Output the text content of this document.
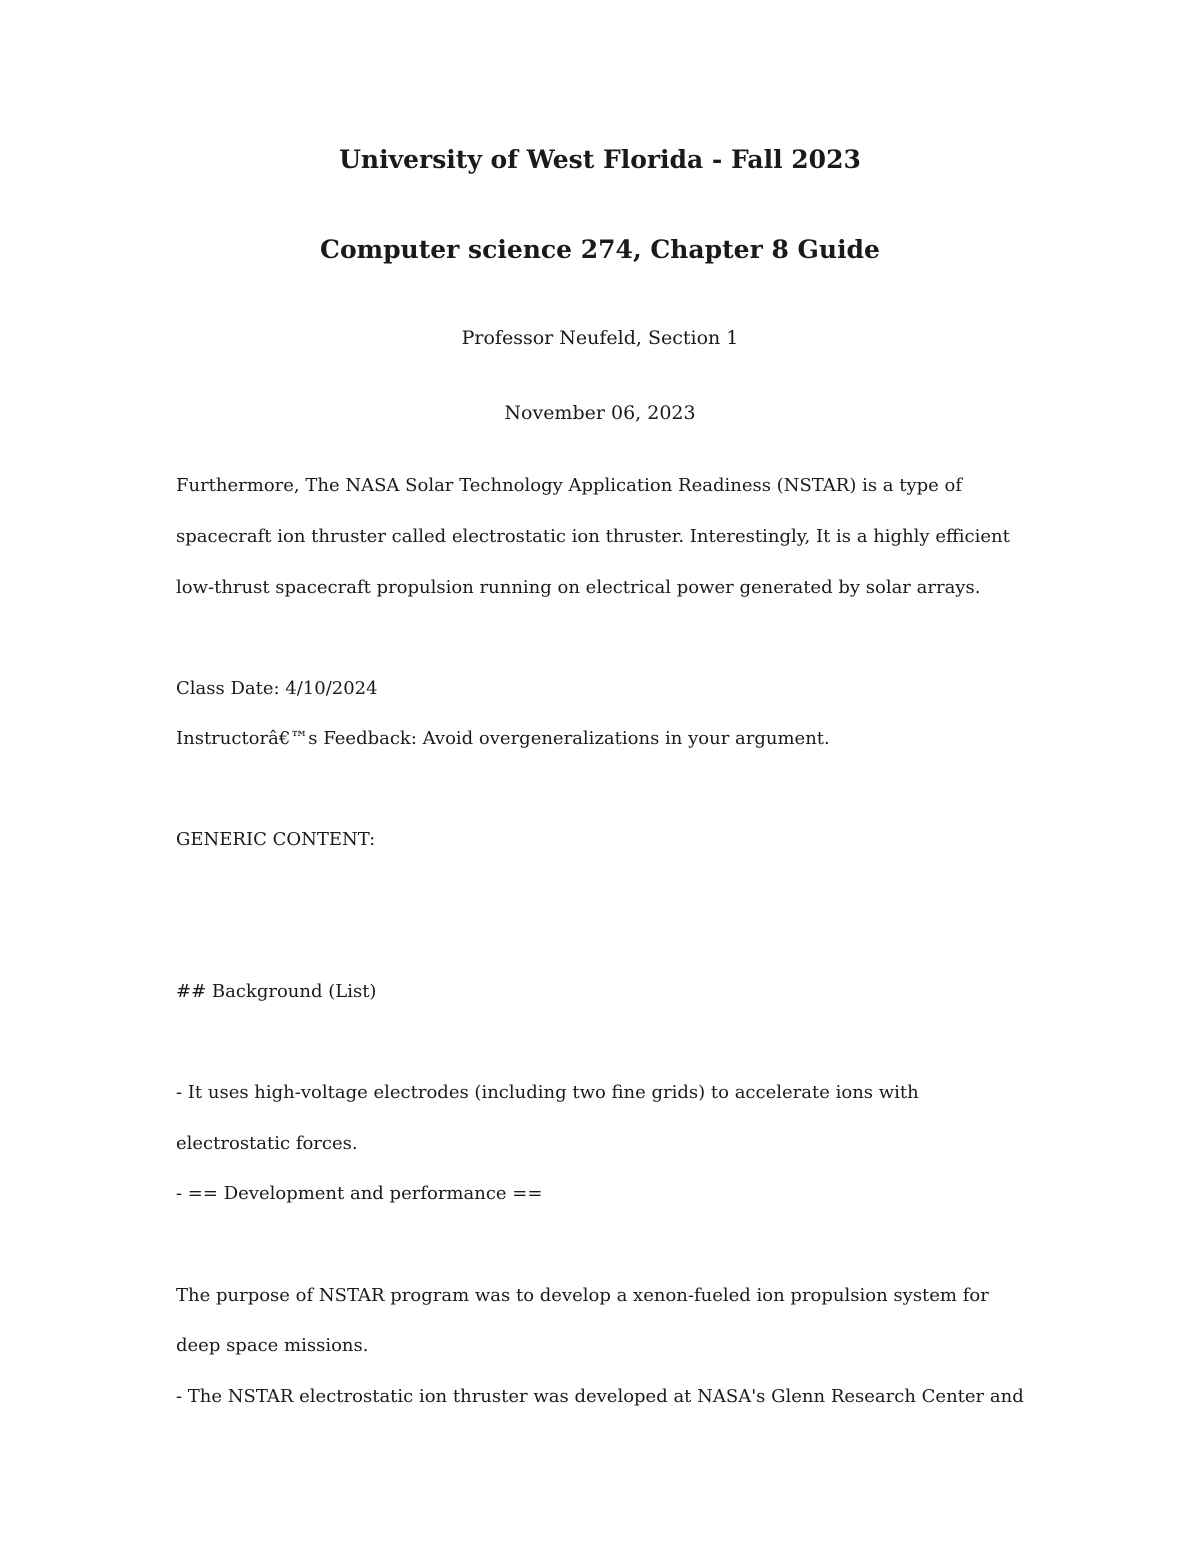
University of West Florida - Fall 2023
Computer science 274, Chapter 8 Guide
Professor Neufeld, Section 1
November 06, 2023
Furthermore, The NASA Solar Technology Application Readiness (NSTAR) is a type of
spacecraft ion thruster called electrostatic ion thruster. Interestingly, It is a highly efficient
low-thrust spacecraft propulsion running on electrical power generated by solar arrays.
Class Date: 4/10/2024
Instructorâ€™s Feedback: Avoid overgeneralizations in your argument.
GENERIC CONTENT:
## Background (List)
- It uses high-voltage electrodes (including two fine grids) to accelerate ions with
electrostatic forces.
- == Development and performance ==
The purpose of NSTAR program was to develop a xenon-fueled ion propulsion system for
deep space missions.
- The NSTAR electrostatic ion thruster was developed at NASA's Glenn Research Center and
